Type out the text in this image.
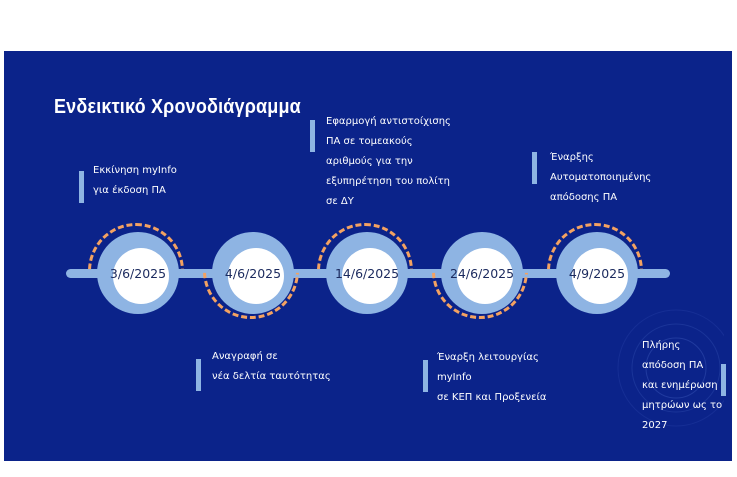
Ενδεικτικό Χρονοδιάγραμμα
3/6/2025	4/6/2025	14/6/2025	24/6/2025	4/9/2025
Εκκίνηση myInfo
για έκδοση ΠΑ
Αναγραφή σε
νέα δελτία ταυτότητας
Εφαρμογή αντιστοίχισης
ΠΑ σε τομεακούς
αριθμούς για την
εξυπηρέτηση του πολίτη
σε ΔΥ
Έναρξη λειτουργίας
myInfo
σε ΚΕΠ και Προξενεία
Έναρξης
Αυτοματοποιημένης
απόδοσης ΠΑ
Πλήρης
απόδοση ΠΑ
και ενημέρωση
μητρώων ως το
2027
